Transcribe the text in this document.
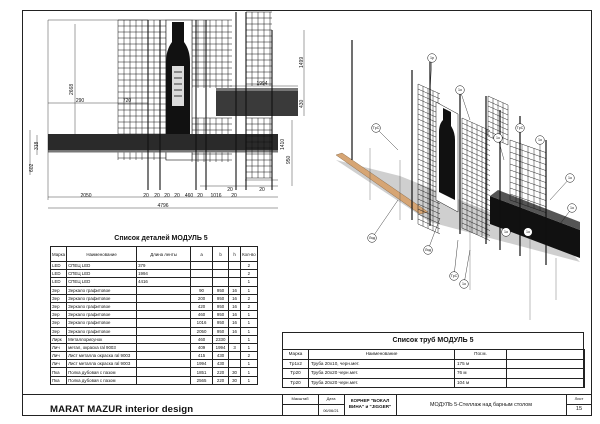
2050
4796
290	720
1016
1994
20 20 20 20 460 20	20
20	20
2668
1499
430
1410
950
602
318
1р
TpС
Лкд
Лкд
TpС
1о
1о
1о
1о
1о
TpС
1о
1о	1о
Список деталей МОДУЛЬ 5
Марка	Наименование	Длина ленты	a	b	h	Кол-во
LED	СПЕЦ LED	379				2
LED	СПЕЦ LED	1994				2
LED	СПЕЦ LED	4416				1
Зер	Зеркало графитовое		90	950	16	1
Зер	Зеркало графитовое		200	950	16	2
Зер	Зеркало графитовое		420	950	16	2
Зер	Зеркало графитовое		460	950	16	1
Зер	Зеркало графитовое		1016	950	16	1
Зер	Зеркало графитовое		2050	950	16	1
Лирк	Металлорисунок		460	2330		1
Лич	метал, окраска ral 9003		409	1994	3	1
Лич	Лист металла окраска ral 9003		415	430		2
Лич	Лист металла окраска ral 9003		1994	430		1
Пка	Полка дубовая с пазом		1851	220	30	1
Пка	Полка дубовая с пазом		2565	220	30	1
Список труб МОДУЛЬ 5
Марка	Наименование	Пог.м.	
Tp1x2	Труба 20х10, черн.мет.	175 м	
Tp20	Труба 20х20 черн.мет.	76 м	
Tp20	Труба 20х20 черн.мет.	104 м	
MARAT MAZUR interior design
Масштаб	Дата
06/06/21
КОРНЕР "БОКАЛ
ВИНА" и "JIGGER"	МОДУЛЬ 5-Стеллаж над барным столом
Лист
15
